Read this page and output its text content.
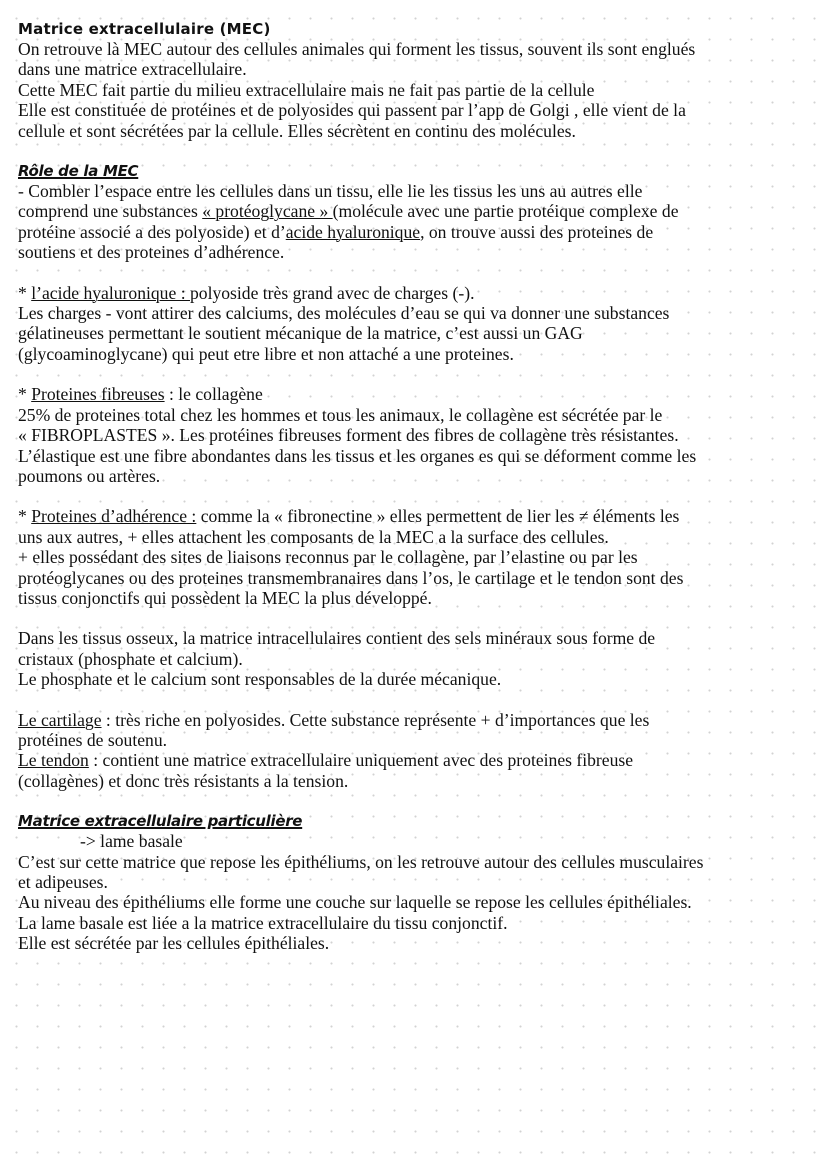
Matrice extracellulaire (MEC)
On retrouve là MEC autour des cellules animales qui forment les tissus, souvent ils sont englués
dans une matrice extracellulaire.
Cette MEC fait partie du milieu extracellulaire mais ne fait pas partie de la cellule
Elle est constituée de protéines et de polyosides qui passent par l’app de Golgi , elle vient de la
cellule et sont sécrétées par la cellule. Elles sécrètent en continu des molécules.
Rôle de la MEC
- Combler l’espace entre les cellules dans un tissu, elle lie les tissus les uns au autres elle
comprend une substances « protéoglycane » (molécule avec une partie protéique complexe de
protéine associé a des polyoside) et d’acide hyaluronique, on trouve aussi des proteines de
soutiens et des proteines d’adhérence.
* l’acide hyaluronique : polyoside très grand avec de charges (-).
Les charges - vont attirer des calciums, des molécules d’eau se qui va donner une substances
gélatineuses permettant le soutient mécanique de la matrice, c’est aussi un GAG
(glycoaminoglycane) qui peut etre libre et non attaché a une proteines.
* Proteines fibreuses : le collagène
25% de proteines total chez les hommes et tous les animaux, le collagène est sécrétée par le
« FIBROPLASTES ». Les protéines fibreuses forment des fibres de collagène très résistantes.
L’élastique est une fibre abondantes dans les tissus et les organes es qui se déforment comme les
poumons ou artères.
* Proteines d’adhérence : comme la « fibronectine » elles permettent de lier les ≠ éléments les
uns aux autres, + elles attachent les composants de la MEC a la surface des cellules.
+ elles possédant des sites de liaisons reconnus par le collagène, par l’elastine ou par les
protéoglycanes ou des proteines transmembranaires dans l’os, le cartilage et le tendon sont des
tissus conjonctifs qui possèdent la MEC la plus développé.
Dans les tissus osseux, la matrice intracellulaires contient des sels minéraux sous forme de
cristaux (phosphate et calcium).
Le phosphate et le calcium sont responsables de la durée mécanique.
Le cartilage : très riche en polyosides. Cette substance représente + d’importances que les
protéines de soutenu.
Le tendon : contient une matrice extracellulaire uniquement avec des proteines fibreuse
(collagènes) et donc très résistants a la tension.
Matrice extracellulaire particulière
-> lame basale
C’est sur cette matrice que repose les épithéliums, on les retrouve autour des cellules musculaires
et adipeuses.
Au niveau des épithéliums elle forme une couche sur laquelle se repose les cellules épithéliales.
La lame basale est liée a la matrice extracellulaire du tissu conjonctif.
Elle est sécrétée par les cellules épithéliales.
